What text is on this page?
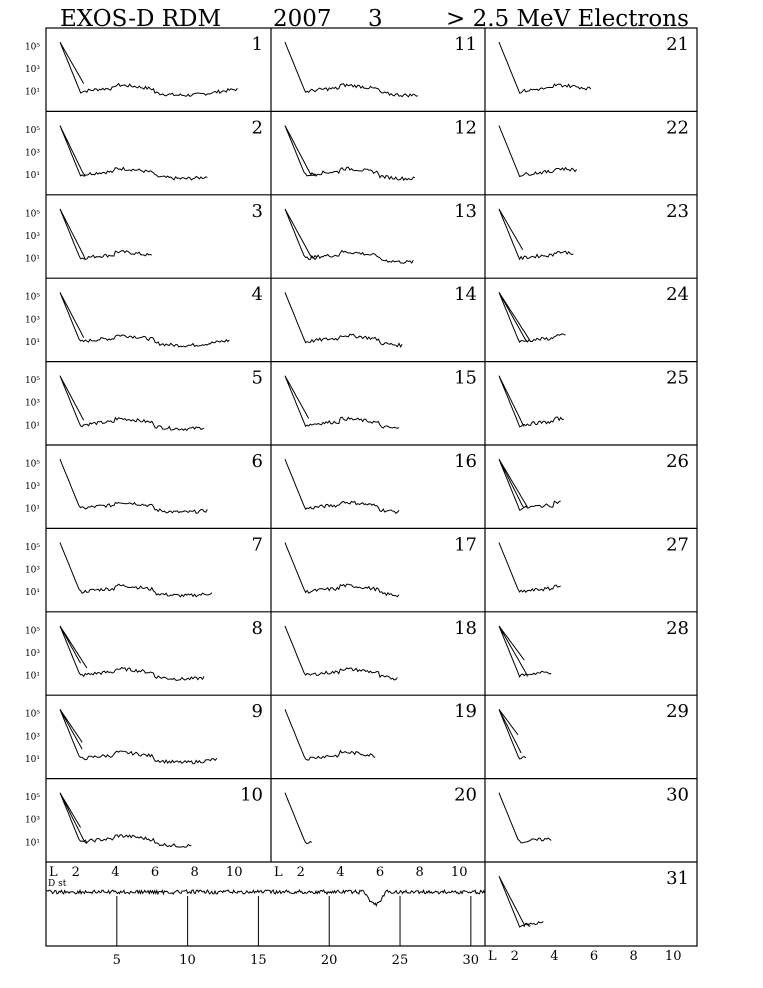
EXOS-D RDM 2007 3	> 2.5 MeV Electrons
1
10⁵
10³
10¹
2
10⁵
10³
10¹
3
10⁵
10³
10¹
4
10⁵
10³
10¹
5
10⁵
10³
10¹
6
10⁵
10³
10¹
7
10⁵
10³
10¹
8
10⁵
10³
10¹
9
10⁵
10³
10¹
10
10⁵
10³
10¹
11
12
13
14
15
16
17
18
19
20
21
22
23
24
25
26
27
28
29
30
31
L 2 4 6 8 10 L 2 4 6 8 10
L 2 4 6 8 10
D st
5	10	15	20	25	30
